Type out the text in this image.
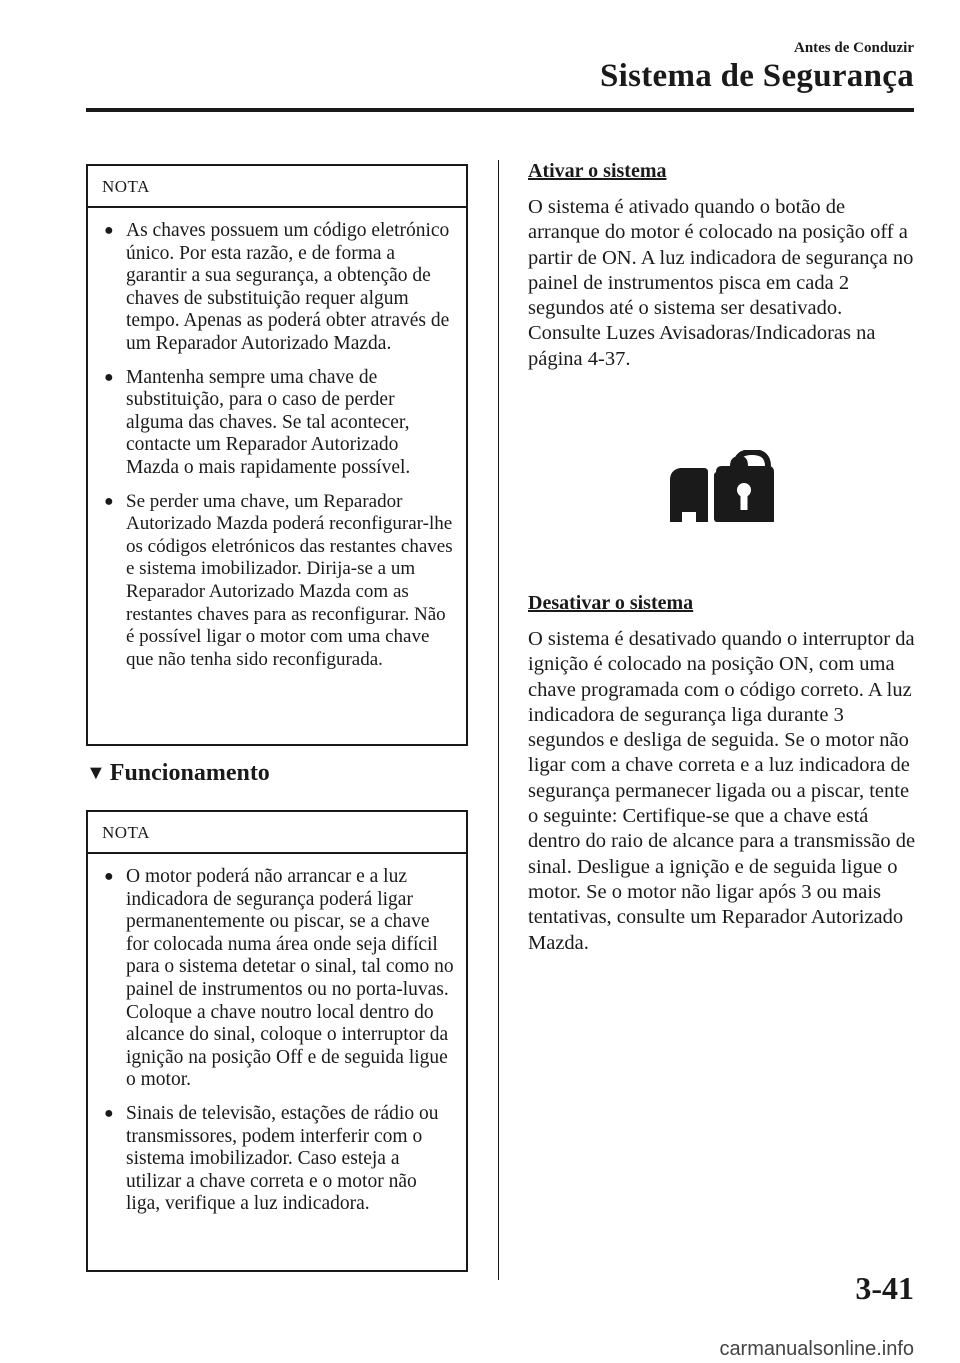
Antes de Conduzir
Sistema de Segurança
NOTA
● As chaves possuem um código eletrónico único. Por esta razão, e de forma a garantir a sua segurança, a obtenção de chaves de substituição requer algum tempo. Apenas as poderá obter através de um Reparador Autorizado Mazda.
● Mantenha sempre uma chave de substituição, para o caso de perder alguma das chaves. Se tal acontecer, contacte um Reparador Autorizado Mazda o mais rapidamente possível.
● Se perder uma chave, um Reparador Autorizado Mazda poderá reconfigurar-lhe os códigos eletrónicos das restantes chaves e sistema imobilizador. Dirija-se a um Reparador Autorizado Mazda com as restantes chaves para as reconfigurar. Não é possível ligar o motor com uma chave que não tenha sido reconfigurada.
▼ Funcionamento
NOTA
● O motor poderá não arrancar e a luz indicadora de segurança poderá ligar permanentemente ou piscar, se a chave for colocada numa área onde seja difícil para o sistema detetar o sinal, tal como no painel de instrumentos ou no porta-luvas. Coloque a chave noutro local dentro do alcance do sinal, coloque o interruptor da ignição na posição Off e de seguida ligue o motor.
● Sinais de televisão, estações de rádio ou transmissores, podem interferir com o sistema imobilizador. Caso esteja a utilizar a chave correta e o motor não liga, verifique a luz indicadora.
Ativar o sistema

O sistema é ativado quando o botão de arranque do motor é colocado na posição off a partir de ON. A luz indicadora de segurança no painel de instrumentos pisca em cada 2 segundos até o sistema ser desativado. Consulte Luzes Avisadoras/Indicadoras na página 4-37.

Desativar o sistema

O sistema é desativado quando o interruptor da ignição é colocado na posição ON, com uma chave programada com o código correto. A luz indicadora de segurança liga durante 3 segundos e desliga de seguida. Se o motor não ligar com a chave correta e a luz indicadora de segurança permanecer ligada ou a piscar, tente o seguinte: Certifique-se que a chave está dentro do raio de alcance para a transmissão de sinal. Desligue a ignição e de seguida ligue o motor. Se o motor não ligar após 3 ou mais tentativas, consulte um Reparador Autorizado Mazda.

3-41
carmanualsonline.info
